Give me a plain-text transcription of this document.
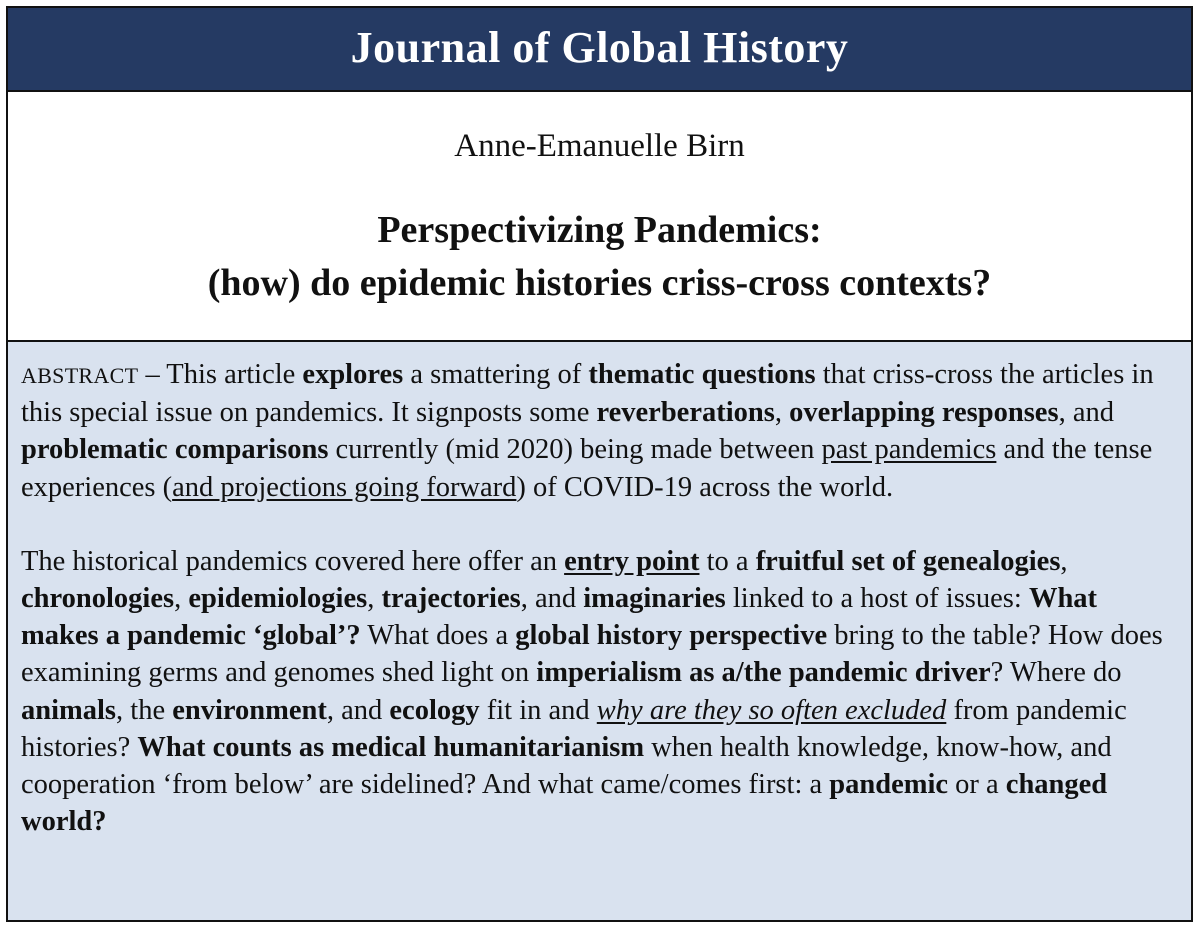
Journal of Global History
Anne-Emanuelle Birn
Perspectivizing Pandemics:
(how) do epidemic histories criss-cross contexts?

ABSTRACT – This article explores a smattering of thematic questions that criss-cross the articles in this special issue on pandemics. It signposts some reverberations, overlapping responses, and problematic comparisons currently (mid 2020) being made between past pandemics and the tense experiences (and projections going forward) of COVID-19 across the world.

The historical pandemics covered here offer an entry point to a fruitful set of genealogies, chronologies, epidemiologies, trajectories, and imaginaries linked to a host of issues: What makes a pandemic ‘global’? What does a global history perspective bring to the table? How does examining germs and genomes shed light on imperialism as a/the pandemic driver? Where do animals, the environment, and ecology fit in and why are they so often excluded from pandemic histories? What counts as medical humanitarianism when health knowledge, know-how, and cooperation ‘from below’ are sidelined? And what came/comes first: a pandemic or a changed world?
